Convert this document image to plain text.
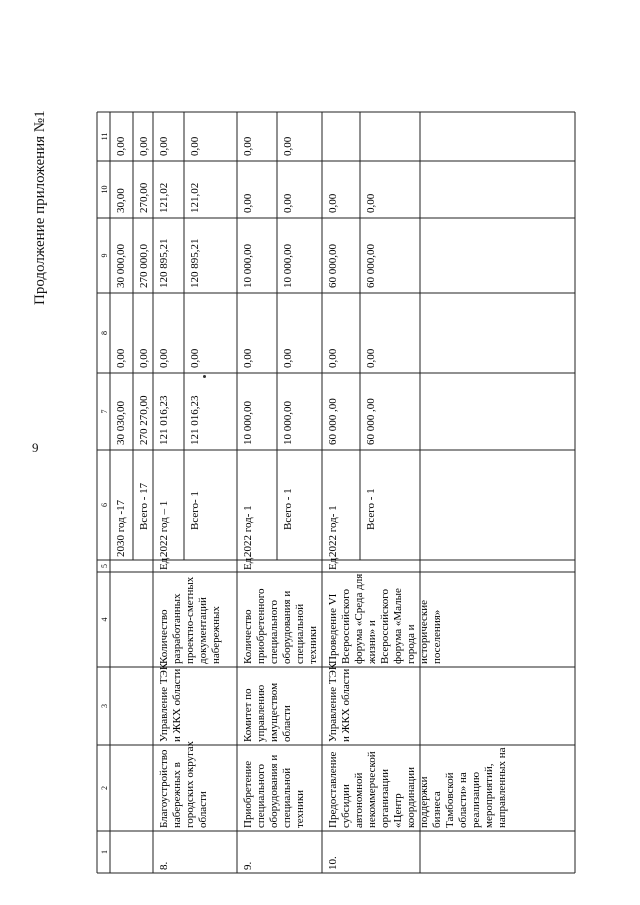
9
Продолжение приложения №1
1
2
3
4
5
6
7
8
9
10
11
2030 год -17
30 030,00
0,00
30 000,00
30,00
0,00
Всего - 17
270 270,00
0,00
270 000,0
270,00
0,00
8.
Благоустройство набережных в городских округах области
Управление ТЭК и ЖКХ области
Количество разработанных проектно-сметных документаций набережных
Ед.
2022 год – 1
121 016,23
0,00
120 895,21
121,02
0,00
Всего- 1
121 016,23
0,00
120 895,21
121,02
0,00
9.
Приобретение специального оборудования и специальной техники
Комитет по управлению имуществом области
Количество приобретенного специального оборудования и специальной техники
Ед.
2022 год- 1
10 000,00
0,00
10 000,00
0,00
0,00
Всего - 1
10 000,00
0,00
10 000,00
0,00
0,00
10.
Предоставление субсидии автономной некоммерческой организации «Центр координации поддержки бизнеса Тамбовской области» на реализацию мероприятий, направленных на
Управление ТЭК и ЖКХ области
Проведение VI Всероссийского форума «Среда для жизни» и Всероссийского форума «Малые города и исторические поселения»
Ед.
2022 год- 1
60 000 ,00
0,00
60 000,00
0,00
Всего - 1
60 000 ,00
0,00
60 000,00
0,00
